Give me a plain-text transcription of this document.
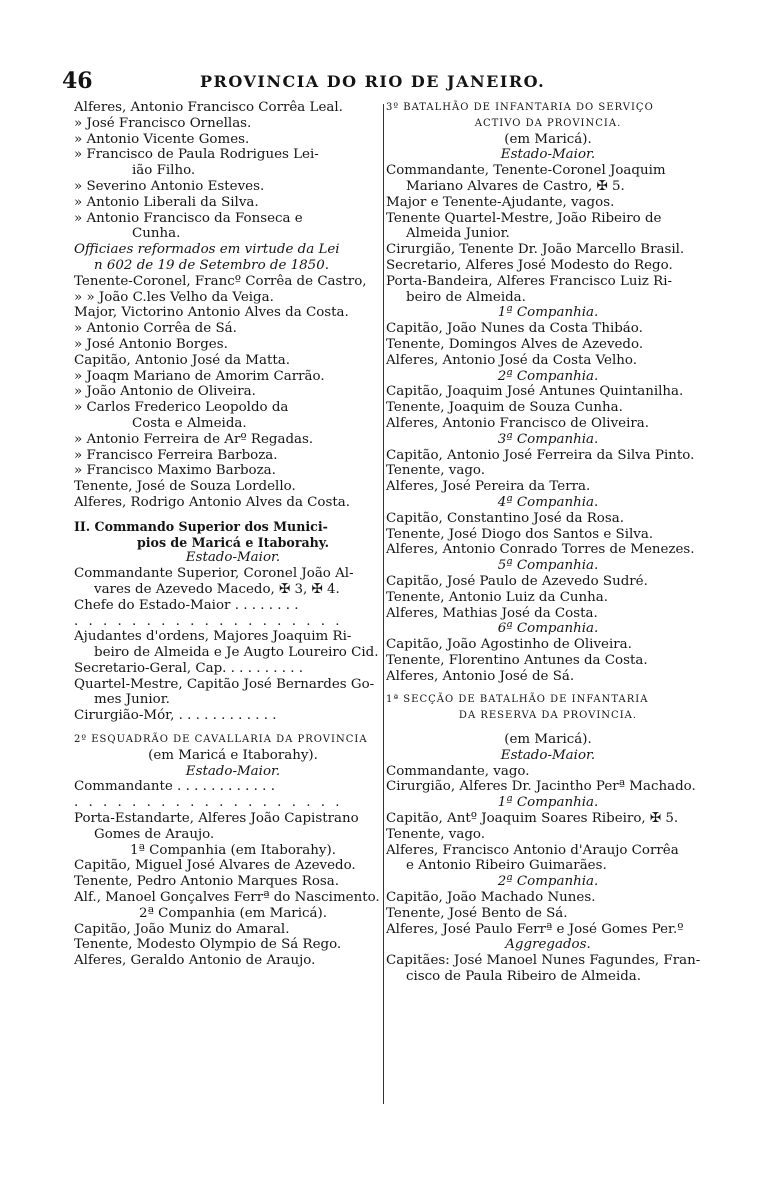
46	PROVINCIA DO RIO DE JANEIRO.
Alferes, Antonio Francisco Corrêa Leal.
» José Francisco Ornellas.
» Antonio Vicente Gomes.
» Francisco de Paula Rodrigues Lei-
ião Filho.
» Severino Antonio Esteves.
» Antonio Liberali da Silva.
» Antonio Francisco da Fonseca e
Cunha.
Officiaes reformados em virtude da Lei
n 602 de 19 de Setembro de 1850.
Tenente-Coronel, Francº Corrêa de Castro,
» » João C.les Velho da Veiga.
Major, Victorino Antonio Alves da Costa.
» Antonio Corrêa de Sá.
» José Antonio Borges.
Capitão, Antonio José da Matta.
» Joaqm Mariano de Amorim Carrão.
» João Antonio de Oliveira.
» Carlos Frederico Leopoldo da
Costa e Almeida.
» Antonio Ferreira de Arº Regadas.
» Francisco Ferreira Barboza.
» Francisco Maximo Barboza.
Tenente, José de Souza Lordello.
Alferes, Rodrigo Antonio Alves da Costa.
II. Commando Superior dos Munici-
pios de Maricá e Itaborahy.
Estado-Maior.
Commandante Superior, Coronel João Al-
vares de Azevedo Macedo, ✠ 3, ✠ 4.
Chefe do Estado-Maior . . . . . . . .
. . . . . . . . . . . . . . . . . . .
Ajudantes d'ordens, Majores Joaquim Ri-
beiro de Almeida e Je Augto Loureiro Cid.
Secretario-Geral, Cap. . . . . . . . . .
Quartel-Mestre, Capitão José Bernardes Go-
mes Junior.
Cirurgião-Mór, . . . . . . . . . . . .
2º ESQUADRÃO DE CAVALLARIA DA PROVINCIA
(em Maricá e Itaborahy).
Estado-Maior.
Commandante . . . . . . . . . . . .
. . . . . . . . . . . . . . . . . . .
Porta-Estandarte, Alferes João Capistrano
Gomes de Araujo.
1ª Companhia (em Itaborahy).
Capitão, Miguel José Alvares de Azevedo.
Tenente, Pedro Antonio Marques Rosa.
Alf., Manoel Gonçalves Ferrª do Nascimento.
2ª Companhia (em Maricá).
Capitão, João Muniz do Amaral.
Tenente, Modesto Olympio de Sá Rego.
Alferes, Geraldo Antonio de Araujo.
3º BATALHÃO DE INFANTARIA DO SERVIÇO
ACTIVO DA PROVINCIA.
(em Maricá).
Estado-Maior.
Commandante, Tenente-Coronel Joaquim
Mariano Alvares de Castro, ✠ 5.
Major e Tenente-Ajudante, vagos.
Tenente Quartel-Mestre, João Ribeiro de
Almeida Junior.
Cirurgião, Tenente Dr. João Marcello Brasil.
Secretario, Alferes José Modesto do Rego.
Porta-Bandeira, Alferes Francisco Luiz Ri-
beiro de Almeida.
1ª Companhia.
Capitão, João Nunes da Costa Thibáo.
Tenente, Domingos Alves de Azevedo.
Alferes, Antonio José da Costa Velho.
2ª Companhia.
Capitão, Joaquim José Antunes Quintanilha.
Tenente, Joaquim de Souza Cunha.
Alferes, Antonio Francisco de Oliveira.
3ª Companhia.
Capitão, Antonio José Ferreira da Silva Pinto.
Tenente, vago.
Alferes, José Pereira da Terra.
4ª Companhia.
Capitão, Constantino José da Rosa.
Tenente, José Diogo dos Santos e Silva.
Alferes, Antonio Conrado Torres de Menezes.
5ª Companhia.
Capitão, José Paulo de Azevedo Sudré.
Tenente, Antonio Luiz da Cunha.
Alferes, Mathias José da Costa.
6ª Companhia.
Capitão, João Agostinho de Oliveira.
Tenente, Florentino Antunes da Costa.
Alferes, Antonio José de Sá.
1ª SECÇÃO DE BATALHÃO DE INFANTARIA
DA RESERVA DA PROVINCIA.
(em Maricá).
Estado-Maior.
Commandante, vago.
Cirurgião, Alferes Dr. Jacintho Perª Machado.
1ª Companhia.
Capitão, Antº Joaquim Soares Ribeiro, ✠ 5.
Tenente, vago.
Alferes, Francisco Antonio d'Araujo Corrêa
e Antonio Ribeiro Guimarães.
2ª Companhia.
Capitão, João Machado Nunes.
Tenente, José Bento de Sá.
Alferes, José Paulo Ferrª e José Gomes Per.º
Aggregados.
Capitães: José Manoel Nunes Fagundes, Fran-
cisco de Paula Ribeiro de Almeida.
